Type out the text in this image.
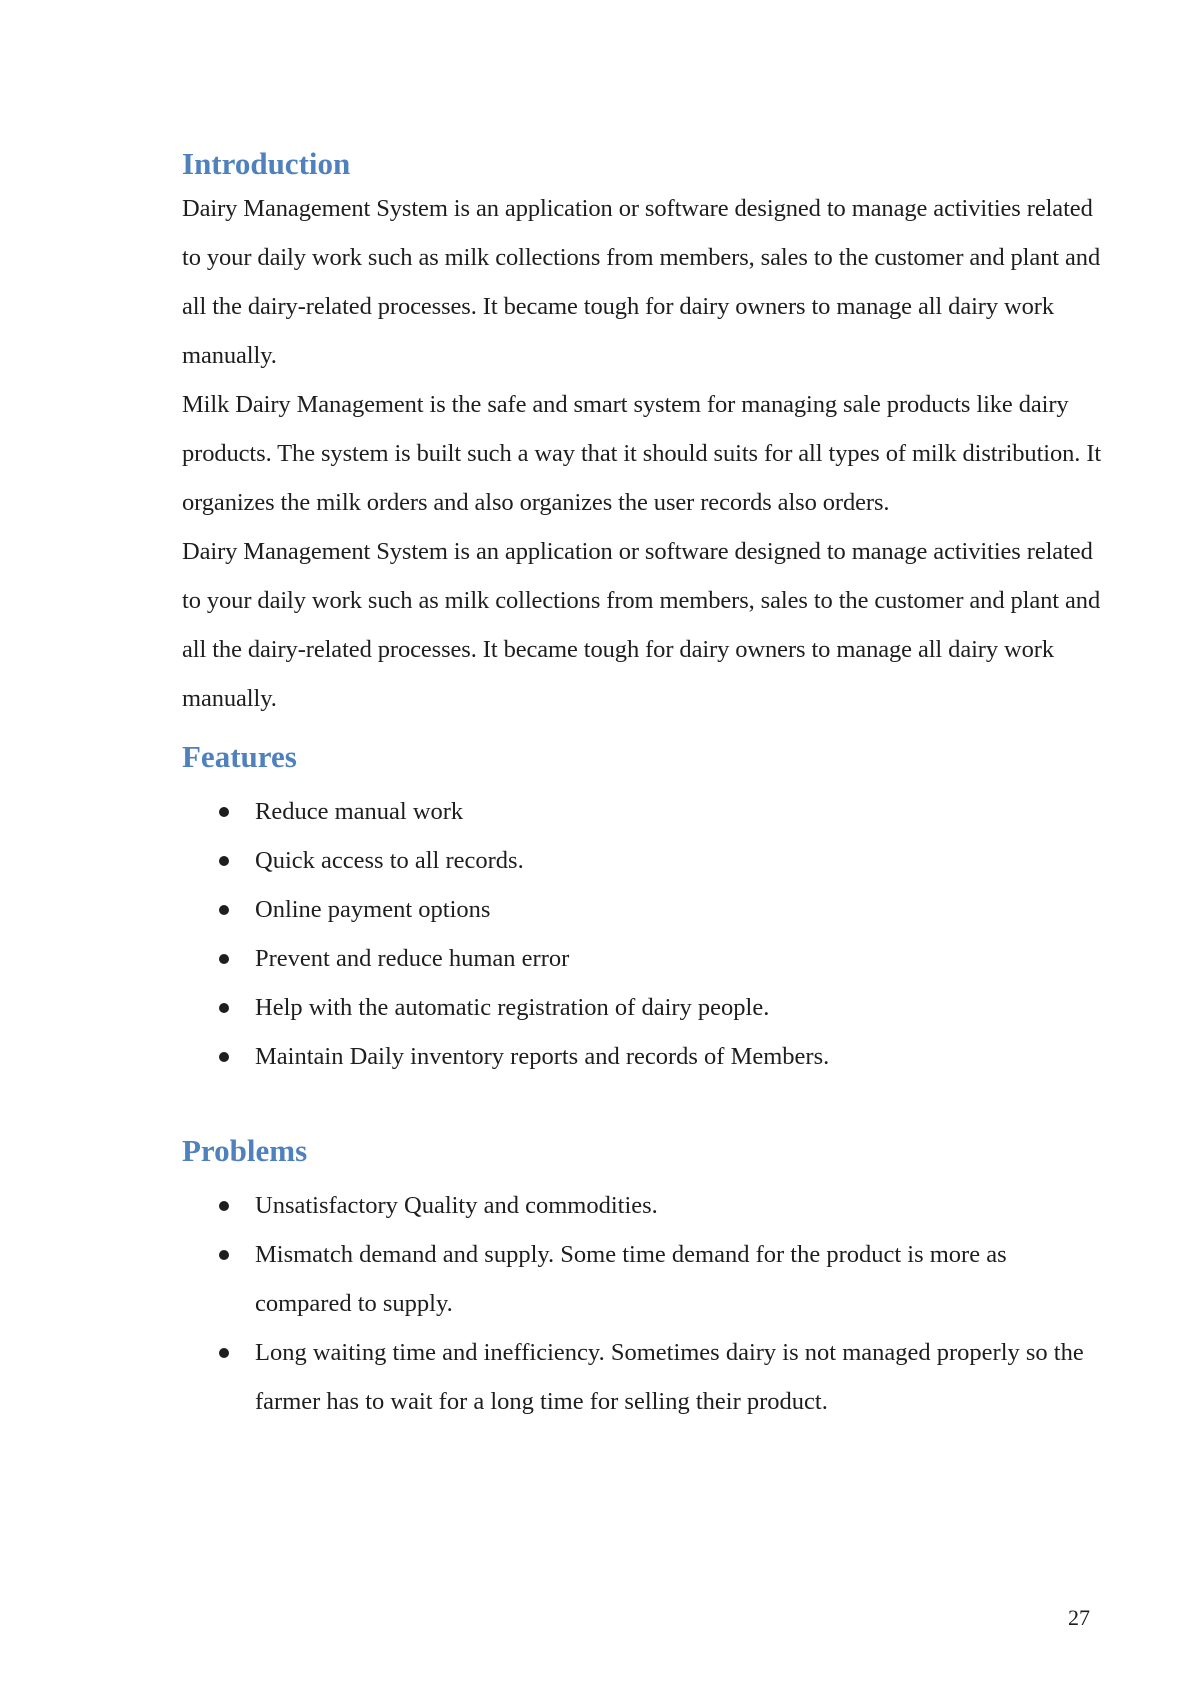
Introduction

Dairy Management System is an application or software designed to manage activities related to your daily work such as milk collections from members, sales to the customer and plant and all the dairy-related processes. It became tough for dairy owners to manage all dairy work manually.

Milk Dairy Management is the safe and smart system for managing sale products like dairy products. The system is built such a way that it should suits for all types of milk distribution. It organizes the milk orders and also organizes the user records also orders.

Dairy Management System is an application or software designed to manage activities related to your daily work such as milk collections from members, sales to the customer and plant and all the dairy-related processes. It became tough for dairy owners to manage all dairy work manually.

Features
Reduce manual work
Quick access to all records.
Online payment options
Prevent and reduce human error
Help with the automatic registration of dairy people.
Maintain Daily inventory reports and records of Members.
Problems
Unsatisfactory Quality and commodities.
Mismatch demand and supply. Some time demand for the product is more as compared to supply.
Long waiting time and inefficiency. Sometimes dairy is not managed properly so the farmer has to wait for a long time for selling their product.
27
